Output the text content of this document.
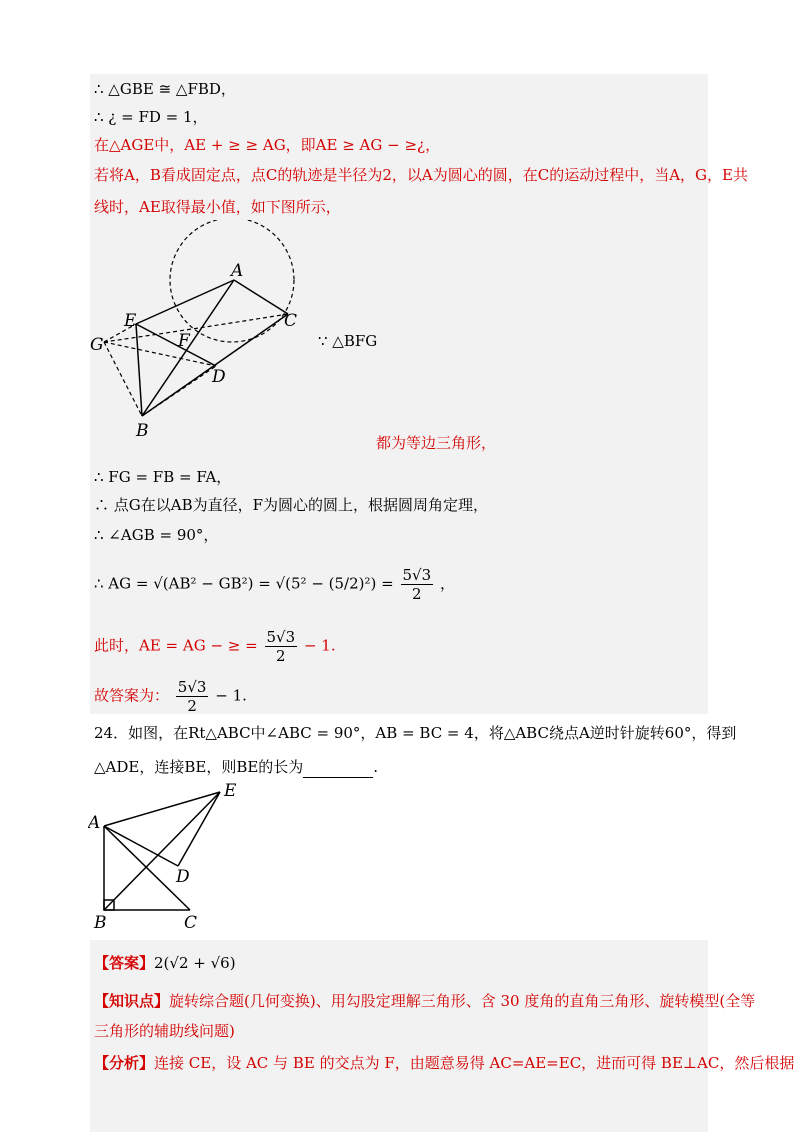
∴ △GBE ≅ △FBD，
∴ ¿ = FD = 1，
在△AGE中，AE + ≥ ≥ AG，即AE ≥ AG − ≥¿，
若将A，B看成固定点，点C的轨迹是半径为2，以A为圆心的圆，在C的运动过程中，当A，G，E共
线时，AE取得最小值，如下图所示，
A
B
C
D
E
F
G	∵ △BFG
都为等边三角形，
∴ FG = FB = FA，
∴ 点G在以AB为直径，F为圆心的圆上，根据圆周角定理，
∴ ∠AGB = 90°，
∴ AG = $√(AB^2 - GB^2) = √(5^2 - (5/2)^2) = \frac{5√3}{2}$ ，
此时，AE = AG − ≥ = $\frac{5√3}{2} - 1$.
故答案为： $\frac{5√3}{2} - 1$.
24．如图，在Rt△ABC中∠ABC = 90°，AB = BC = 4，将△ABC绕点A逆时针旋转60°，得到
△ADE，连接BE，则BE的长为	.
A
B	C
D
E
【答案】2(√2 + √6)
【知识点】旋转综合题(几何变换)、用勾股定理解三角形、含 30 度角的直角三角形、旋转模型(全等
三角形的辅助线问题)
【分析】连接 CE，设 AC 与 BE 的交点为 F，由题意易得 AC=AE=EC，进而可得 BE⊥AC，然后根据
